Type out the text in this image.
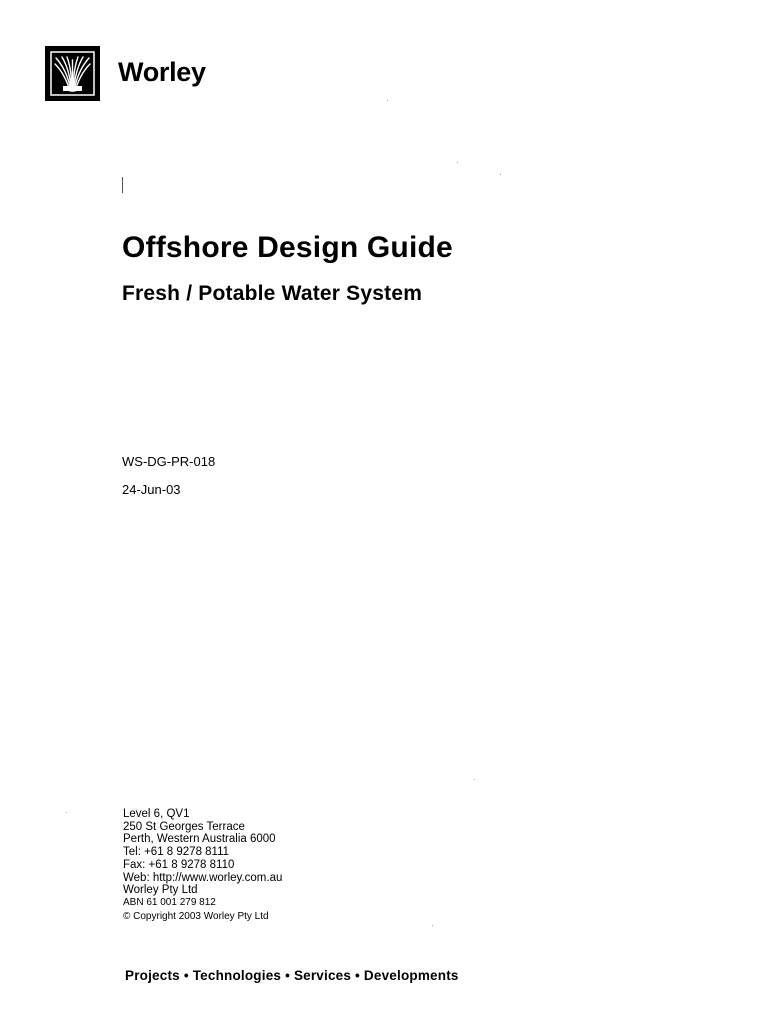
Worley
Offshore Design Guide
Fresh / Potable Water System
WS-DG-PR-018
24-Jun-03
Level 6, QV1
250 St Georges Terrace
Perth, Western Australia 6000
Tel: +61 8 9278 8111
Fax: +61 8 9278 8110
Web: http://www.worley.com.au
Worley Pty Ltd
ABN 61 001 279 812
© Copyright 2003 Worley Pty Ltd
Projects • Technologies • Services • Developments
